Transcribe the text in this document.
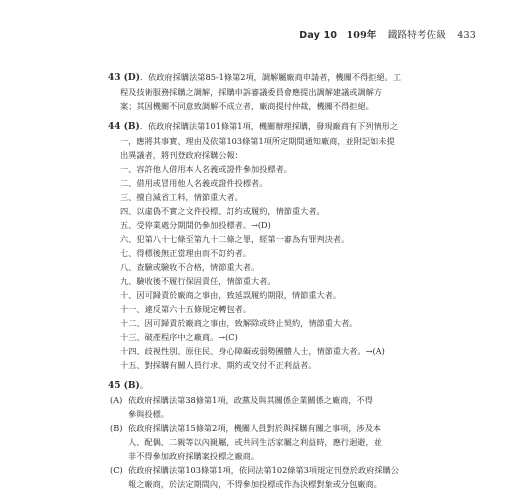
Day 10 109年 鐵路特考佐級 433
43 (D)．依政府採購法第85-1條第2項，調解屬廠商申請者，機關不得拒絕。工
程及技術服務採購之調解，採購申訴審議委員會應提出調解建議或調解方
案；其因機關不同意致調解不成立者，廠商提付仲裁，機關不得拒絕。
44 (B)．依政府採購法第101條第1項，機關辦理採購，發現廠商有下列情形之
一，應將其事實、理由及依第103條第1項所定期間通知廠商，並附記如未提
出異議者，將刊登政府採購公報：
一、容許他人借用本人名義或證件參加投標者。
二、借用或冒用他人名義或證件投標者。
三、擅自減省工料，情節重大者。
四、以虛偽不實之文件投標、訂約或履約，情節重大者。
五、受停業處分期間仍參加投標者。→(D)
六、犯第八十七條至第九十二條之罪，經第一審為有罪判決者。
七、得標後無正當理由而不訂約者。
八、查驗或驗收不合格，情節重大者。
九、驗收後不履行保固責任，情節重大者。
十、因可歸責於廠商之事由，致延誤履約期限，情節重大者。
十一、違反第六十五條規定轉包者。
十二、因可歸責於廠商之事由，致解除或終止契約，情節重大者。
十三、破產程序中之廠商。→(C)
十四、歧視性別、原住民、身心障礙或弱勢團體人士，情節重大者。→(A)
十五、對採購有關人員行求、期約或交付不正利益者。
45 (B)。
(A) 依政府採購法第38條第1項，政黨及與其關係企業關係之廠商，不得
參與投標。
(B) 依政府採購法第15條第2項，機關人員對於與採購有關之事項，涉及本
人、配偶、二親等以內親屬，或共同生活家屬之利益時，應行迴避，並
非不得參加政府採購案投標之廠商。
(C) 依政府採購法第103條第1項，依同法第102條第3項規定刊登於政府採購公
報之廠商，於法定期間內，不得參加投標或作為決標對象或分包廠商。
